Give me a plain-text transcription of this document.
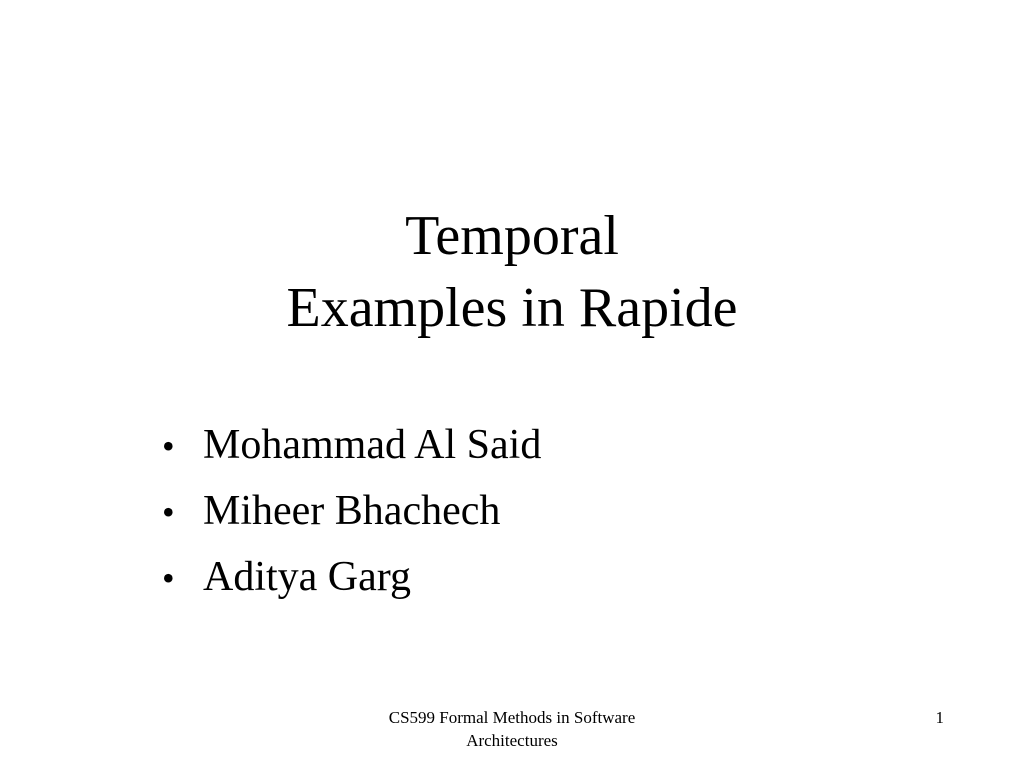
Temporal
Examples in Rapide
• Mohammad Al Said
• Miheer Bhachech
• Aditya Garg
CS599 Formal Methods in Software
Architectures
1
